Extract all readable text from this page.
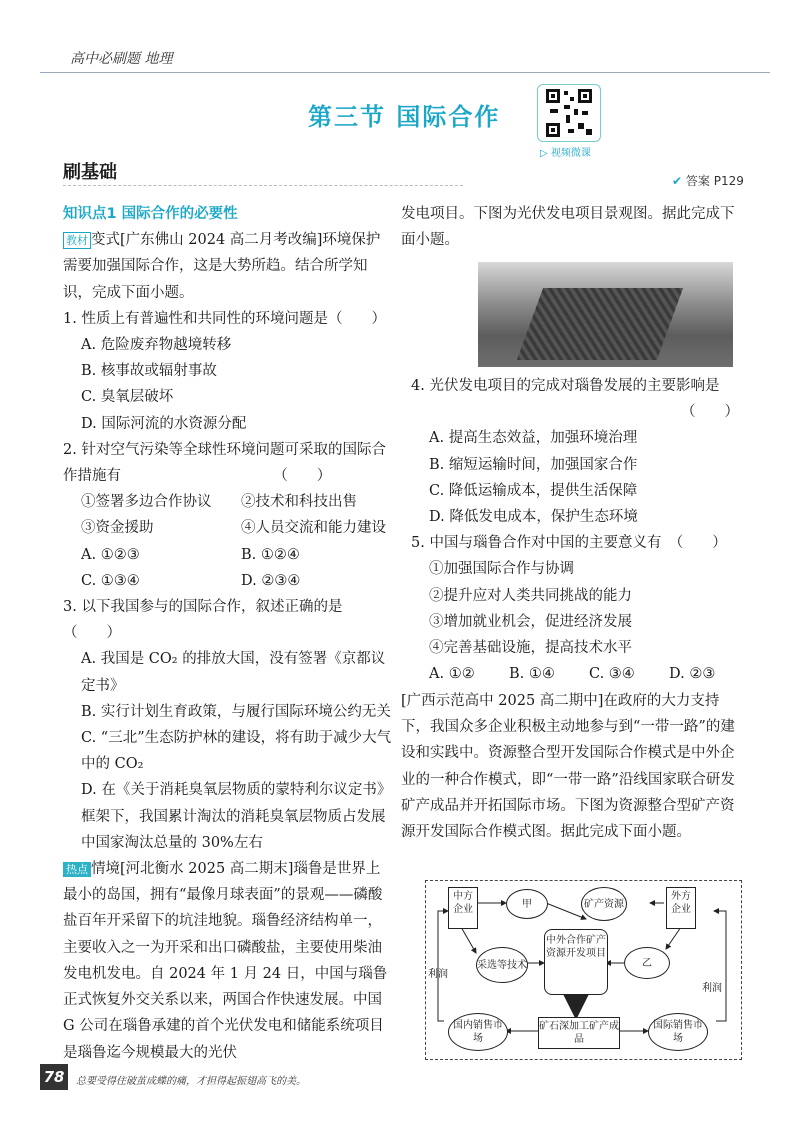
高中必刷题 地理
第三节 国际合作
▷ 视频微课
刷基础	✔ 答案 P129

知识点1 国际合作的必要性

教材 变式[广东佛山 2024 高二月考改编]环境保护需要加强国际合作，这是大势所趋。结合所学知识，完成下面小题。

1. 性质上有普遍性和共同性的环境问题是（　　）

A. 危险废弃物越境转移

B. 核事故或辐射事故

C. 臭氧层破坏

D. 国际河流的水资源分配

2. 针对空气污染等全球性环境问题可采取的国际合作措施有　　　　　　　　　　　（　　）

①签署多边合作协议	②技术和科技出售
③资金援助	④人员交流和能力建设
A. ①②③	B. ①②④
C. ①③④	D. ②③④

3. 以下我国参与的国际合作，叙述正确的是（　　）

A. 我国是 CO₂ 的排放大国，没有签署《京都议定书》

B. 实行计划生育政策，与履行国际环境公约无关

C. “三北”生态防护林的建设，将有助于减少大气中的 CO₂

D. 在《关于消耗臭氧层物质的蒙特利尔议定书》框架下，我国累计淘汰的消耗臭氧层物质占发展中国家淘汰总量的 30%左右

热点 情境[河北衡水 2025 高二期末]瑙鲁是世界上最小的岛国，拥有“最像月球表面”的景观——磷酸盐百年开采留下的坑洼地貌。瑙鲁经济结构单一，主要收入之一为开采和出口磷酸盐，主要使用柴油发电机发电。自 2024 年 1 月 24 日，中国与瑙鲁正式恢复外交关系以来，两国合作快速发展。中国 G 公司在瑙鲁承建的首个光伏发电和储能系统项目是瑙鲁迄今规模最大的光伏

发电项目。下图为光伏发电项目景观图。据此完成下面小题。

4. 光伏发电项目的完成对瑙鲁发展的主要影响是

（　　）

A. 提高生态效益，加强环境治理

B. 缩短运输时间，加强国家合作

C. 降低运输成本，提供生活保障

D. 降低发电成本，保护生态环境

5. 中国与瑙鲁合作对中国的主要意义有　（　　）

①加强国际合作与协调

②提升应对人类共同挑战的能力

③增加就业机会，促进经济发展

④完善基础设施，提高技术水平

A. ①②	B. ①④	C. ③④	D. ②③

[广西示范高中 2025 高二期中]在政府的大力支持下，我国众多企业积极主动地参与到“一带一路”的建设和实践中。资源整合型开发国际合作模式是中外企业的一种合作模式，即“一带一路”沿线国家联合研发矿产成品并开拓国际市场。下图为资源整合型矿产资源开发国际合作模式图。据此完成下面小题。

中方企业	甲	矿产资源
外方企业
采选等技术
中外合作矿产资源开发项目
乙
利润
利润
国内销售市场
矿石深加工矿产成品
国际销售市场
78	总要受得住破茧成蝶的痛，才担得起振翅高飞的美。
